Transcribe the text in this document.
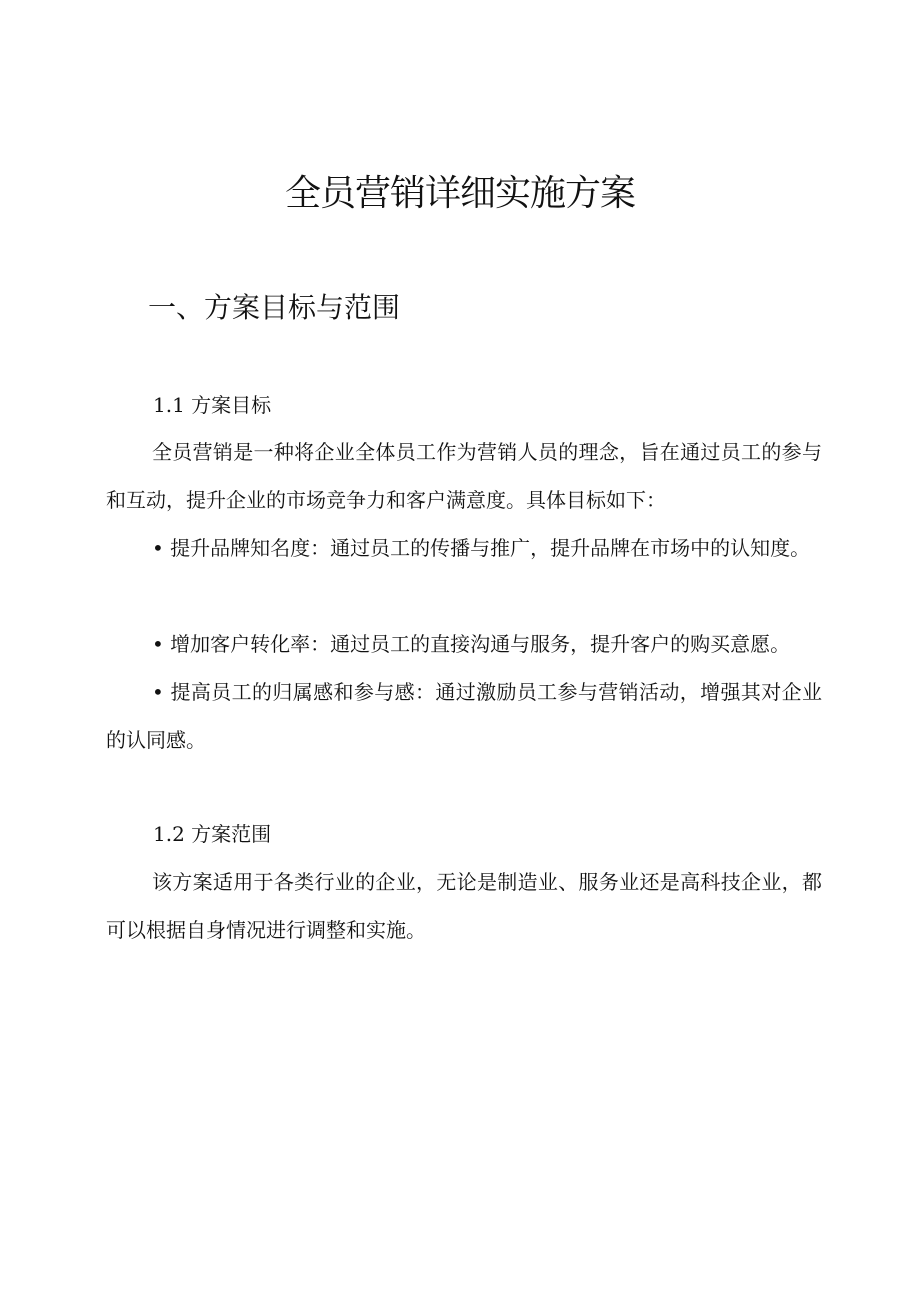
全员营销详细实施方案
一、方案目标与范围
1.1 方案目标
全员营销是一种将企业全体员工作为营销人员的理念，旨在通过员工的参与和互动，提升企业的市场竞争力和客户满意度。具体目标如下：
• 提升品牌知名度：通过员工的传播与推广，提升品牌在市场中的认知度。
• 增加客户转化率：通过员工的直接沟通与服务，提升客户的购买意愿。
• 提高员工的归属感和参与感：通过激励员工参与营销活动，增强其对企业的认同感。
1.2 方案范围
该方案适用于各类行业的企业，无论是制造业、服务业还是高科技企业，都可以根据自身情况进行调整和实施。
